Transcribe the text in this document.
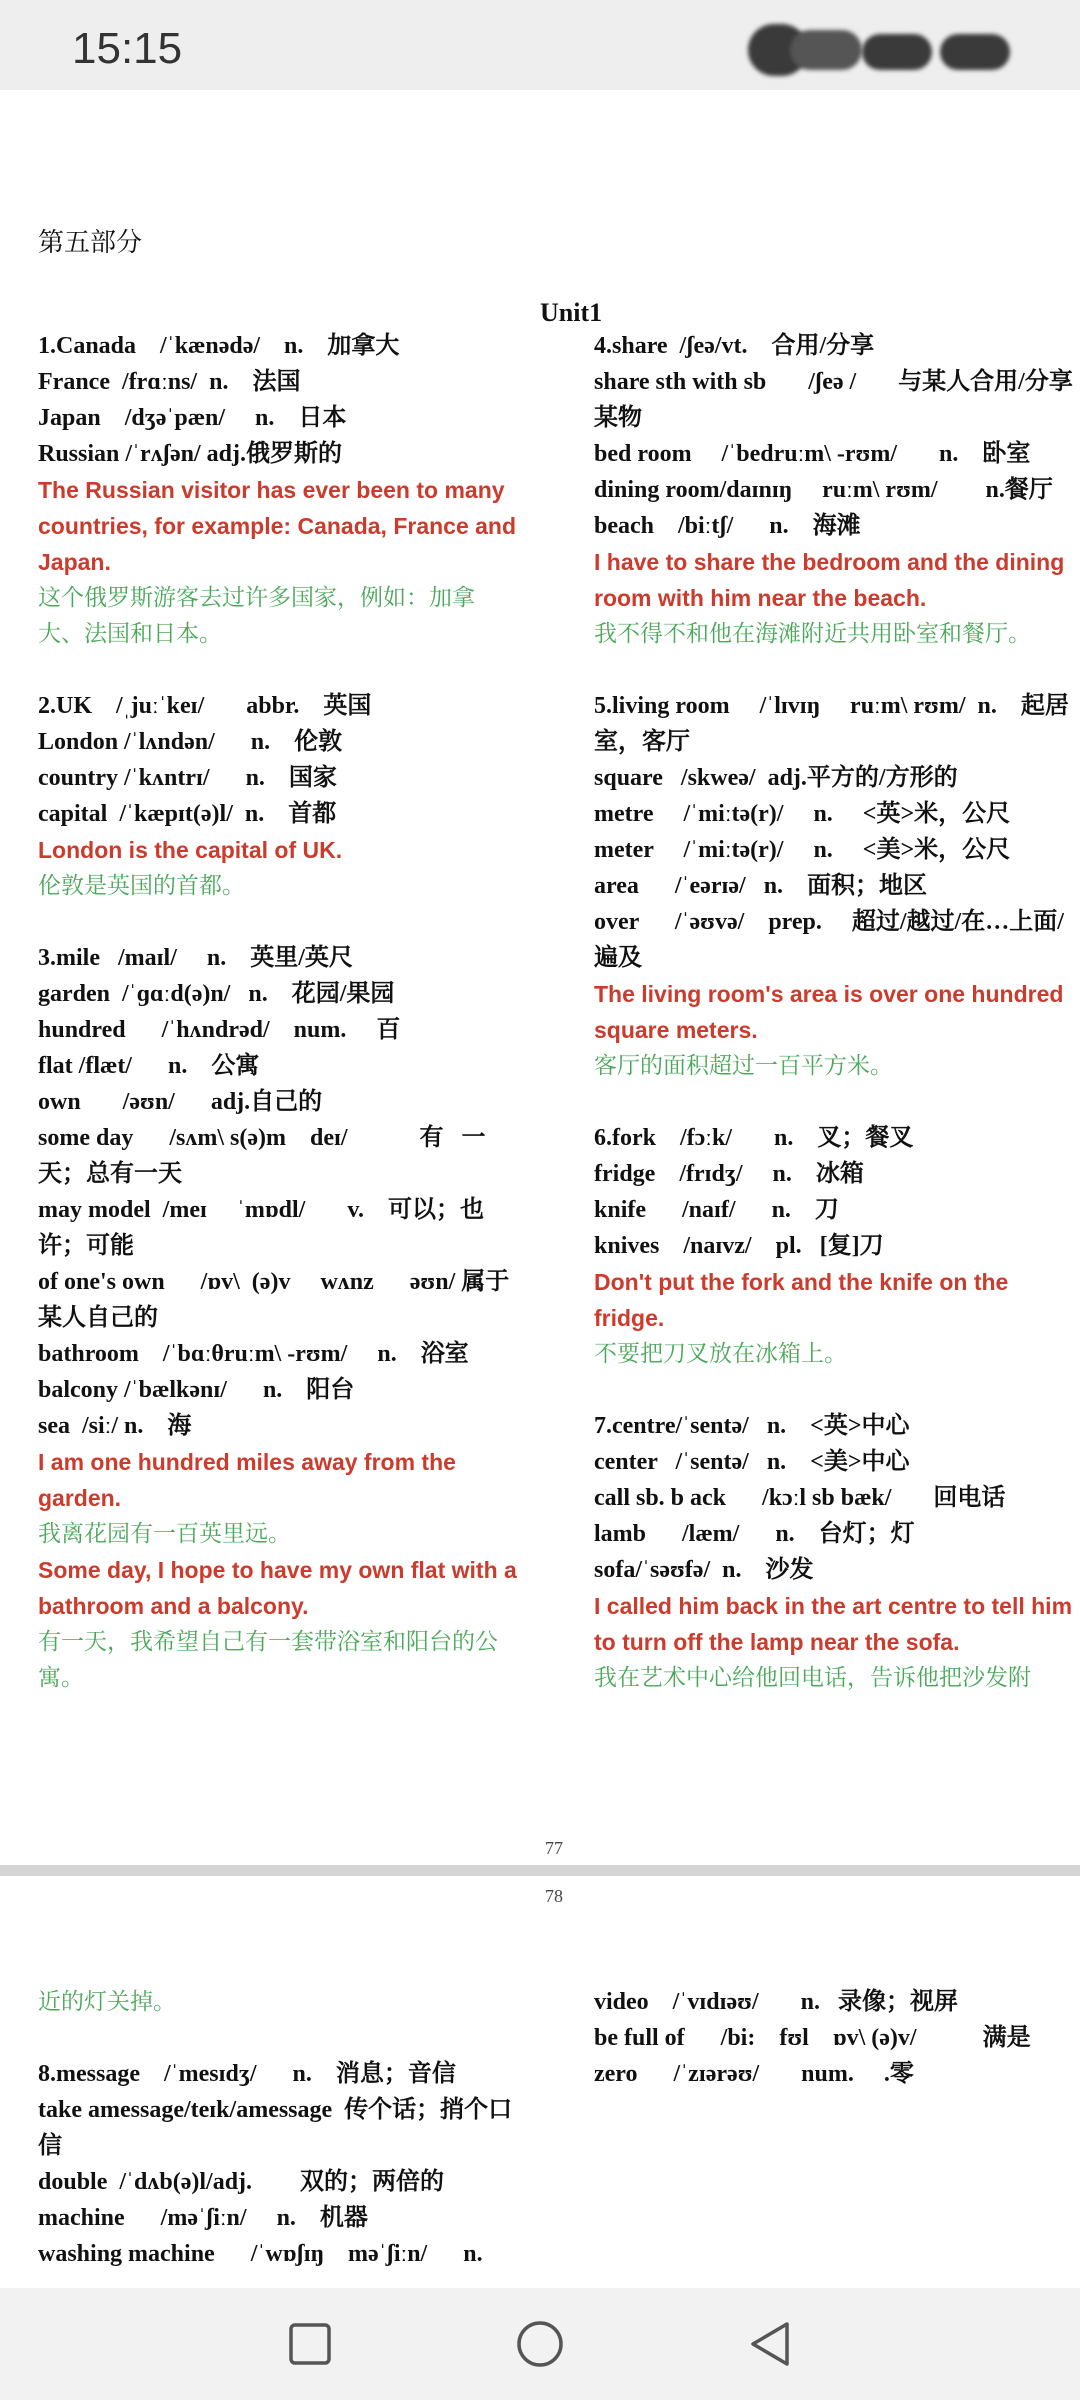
15:15
第五部分
Unit1
1.Canada    /ˈkænədə/    n.    加拿大
France  /frɑːns/  n.    法国
Japan    /dʒəˈpæn/     n.    日本
Russian /ˈrʌʃən/ adj.俄罗斯的
The Russian visitor has ever been to many countries, for example: Canada, France and Japan.
这个俄罗斯游客去过许多国家，例如：加拿大、法国和日本。
2.UK    /ˌjuːˈkeɪ/       abbr.    英国
London /ˈlʌndən/      n.    伦敦
country /ˈkʌntrɪ/      n.    国家
capital  /ˈkæpɪt(ə)l/  n.    首都
London is the capital of UK.
伦敦是英国的首都。
3.mile   /maɪl/     n.    英里/英尺
garden  /ˈɡɑːd(ə)n/   n.    花园/果园
hundred      /ˈhʌndrəd/    num.     百
flat /flæt/      n.    公寓
own       /əʊn/      adj.自己的
some day      /sʌm\ s(ə)m    deɪ/            有   一天；总有一天
may model  /meɪ     ˈmɒdl/       v.    可以；也许；可能
of one's own      /ɒv\  (ə)v     wʌnz      əʊn/ 属于某人自己的
bathroom    /ˈbɑːθruːm\ -rʊm/     n.    浴室
balcony /ˈbælkənɪ/      n.    阳台
sea  /siː/ n.    海
I am one hundred miles away from the garden.
我离花园有一百英里远。
Some day, I hope to have my own flat with a bathroom and a balcony.
有一天，我希望自己有一套带浴室和阳台的公寓。
4.share  /ʃeə/vt.    合用/分享
share sth with sb       /ʃeə /       与某人合用/分享某物
bed room     /ˈbedruːm\ -rʊm/       n.    卧室
dining room/daɪnɪŋ     ruːm\ rʊm/        n.餐厅
beach    /biːtʃ/      n.    海滩
I have to share the bedroom and the dining room with him near the beach.
我不得不和他在海滩附近共用卧室和餐厅。
5.living room     /ˈlɪvɪŋ     ruːm\ rʊm/  n.    起居室，客厅
square   /skweə/  adj.平方的/方形的
metre     /ˈmiːtə(r)/     n.     <英>米，公尺
meter     /ˈmiːtə(r)/     n.     <美>米，公尺
area      /ˈeərɪə/   n.    面积；地区
over      /ˈəʊvə/    prep.     超过/越过/在…上面/遍及
The living room's area is over one hundred square meters.
客厅的面积超过一百平方米。
6.fork    /fɔːk/       n.    叉；餐叉
fridge    /frɪdʒ/     n.    冰箱
knife      /naɪf/      n.    刀
knives    /naɪvz/    pl.   [复]刀
Don't put the fork and the knife on the fridge.
不要把刀叉放在冰箱上。
7.centre/ˈsentə/   n.    <英>中心
center   /ˈsentə/   n.    <美>中心
call sb. b ack      /kɔːl sb bæk/       回电话
lamb      /læm/      n.    台灯；灯
sofa/ˈsəʊfə/  n.    沙发
I called him back in the art centre to tell him to turn off the lamp near the sofa.
我在艺术中心给他回电话，告诉他把沙发附
77
78
近的灯关掉。
8.message    /ˈmesɪdʒ/      n.    消息；音信
take amessage/teɪk/amessage  传个话；捎个口信
double  /ˈdʌb(ə)l/adj.        双的；两倍的
machine      /məˈʃiːn/     n.    机器
washing machine      /ˈwɒʃɪŋ    məˈʃiːn/      n.
video    /ˈvɪdɪəʊ/       n.   录像；视屏
be full of      /bi:    fʊl    ɒv\ (ə)v/           满是
zero      /ˈzɪərəʊ/       num.     .零
